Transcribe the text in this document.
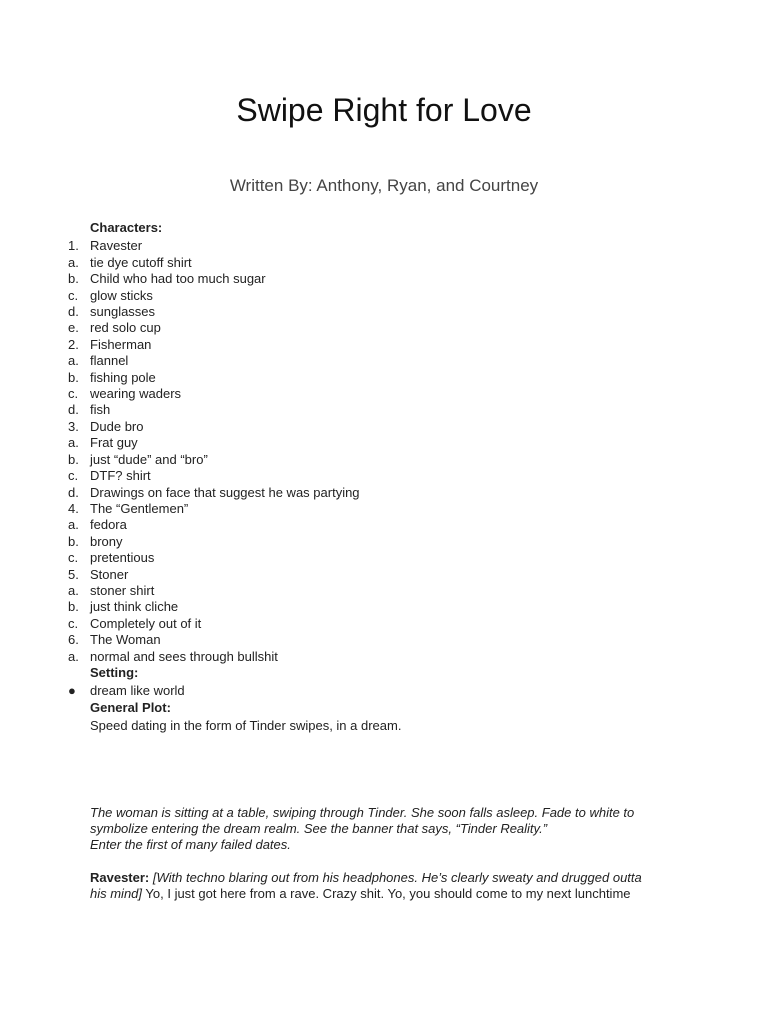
Swipe Right for Love
Written By: Anthony, Ryan, and Courtney
Characters:
1. Ravester
a. tie dye cutoff shirt
b. Child who had too much sugar
c. glow sticks
d. sunglasses
e. red solo cup
2. Fisherman
a. flannel
b. fishing pole
c. wearing waders
d. fish
3. Dude bro
a. Frat guy
b. just “dude” and “bro”
c. DTF? shirt
d. Drawings on face that suggest he was partying
4. The “Gentlemen”
a. fedora
b. brony
c. pretentious
5. Stoner
a. stoner shirt
b. just think cliche
c. Completely out of it
6. The Woman
a. normal and sees through bullshit
Setting:
●	dream like world
General Plot:
Speed dating in the form of Tinder swipes, in a dream.
The woman is sitting at a table, swiping through Tinder. She soon falls asleep. Fade to white to
symbolize entering the dream realm. See the banner that says, “Tinder Reality.”
Enter the first of many failed dates.
Ravester: [With techno blaring out from his headphones. He’s clearly sweaty and drugged outta
his mind] Yo, I just got here from a rave. Crazy shit. Yo, you should come to my next lunchtime
